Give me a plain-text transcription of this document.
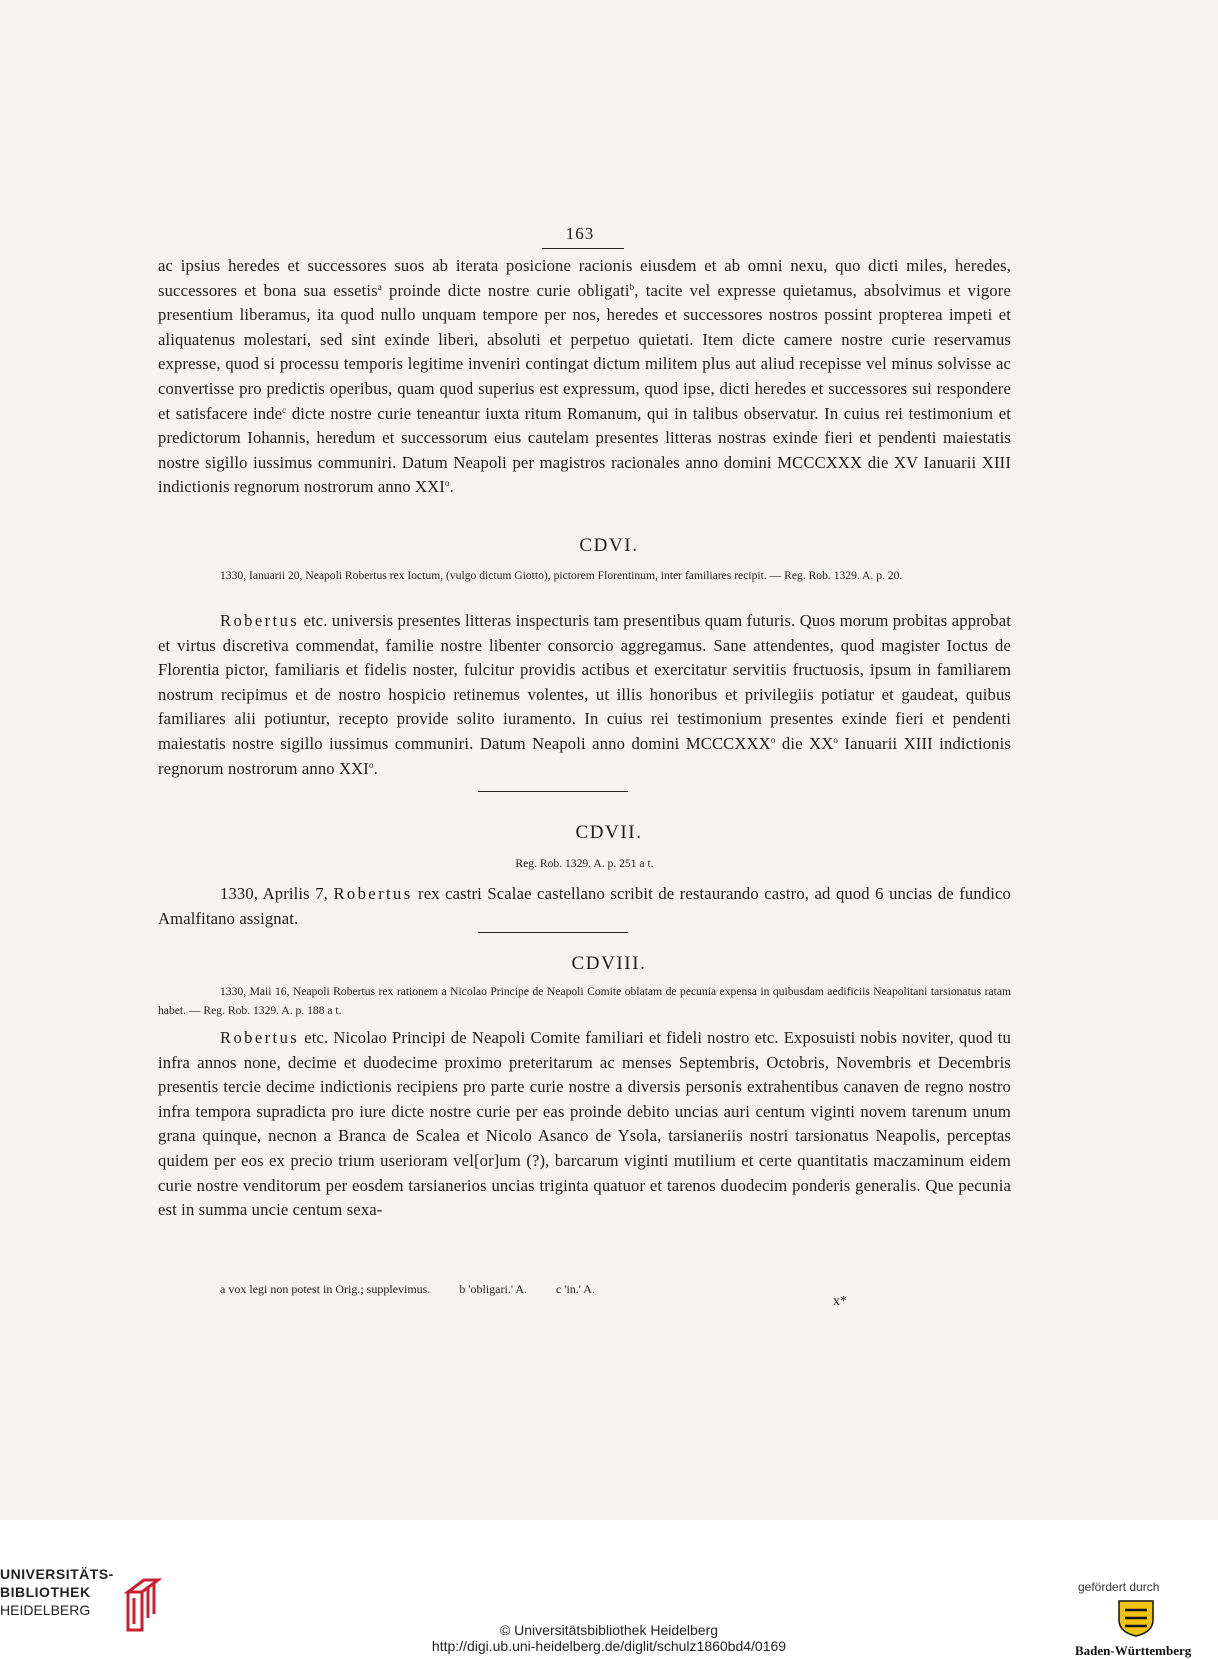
163

ac ipsius heredes et successores suos ab iterata posicione racionis eiusdem et ab omni nexu, quo dicti miles, heredes, successores et bona sua essetis$^a$ proinde dicte nostre curie obligati$^b$, tacite vel expresse quietamus, absolvimus et vigore presentium liberamus, ita quod nullo unquam tempore per nos, heredes et successores nostros possint propterea impeti et aliquatenus molestari, sed sint exinde liberi, absoluti et perpetuo quietati. Item dicte camere nostre curie reservamus expresse, quod si processu temporis legitime inveniri contingat dictum militem plus aut aliud recepisse vel minus solvisse ac convertisse pro predictis operibus, quam quod superius est expressum, quod ipse, dicti heredes et successores sui respondere et satisfacere inde$^c$ dicte nostre curie teneantur iuxta ritum Romanum, qui in talibus observatur. In cuius rei testimonium et predictorum Iohannis, heredum et successorum eius cautelam presentes litteras nostras exinde fieri et pendenti maiestatis nostre sigillo iussimus communiri. Datum Neapoli per magistros racionales anno domini MCCCXXX die XV Ianuarii XIII indictionis regnorum nostrorum anno XXI$^o$.

CDVI.
1330, Ianuarii 20, Neapoli Robertus rex Ioctum, (vulgo dictum Giotto), pictorem Florentinum, inter familiares recipit. — Reg. Rob. 1329. A. p. 20.

Robertus etc. universis presentes litteras inspecturis tam presentibus quam futuris. Quos morum probitas approbat et virtus discretiva commendat, familie nostre libenter consorcio aggregamus. Sane attendentes, quod magister Ioctus de Florentia pictor, familiaris et fidelis noster, fulcitur providis actibus et exercitatur servitiis fructuosis, ipsum in familiarem nostrum recipimus et de nostro hospicio retinemus volentes, ut illis honoribus et privilegiis potiatur et gaudeat, quibus familiares alii potiuntur, recepto provide solito iuramento. In cuius rei testimonium presentes exinde fieri et pendenti maiestatis nostre sigillo iussimus communiri. Datum Neapoli anno domini MCCCXXX$^o$ die $XX^o$ Ianuarii XIII indictionis regnorum nostrorum anno XXI$^o$.

CDVII.
Reg. Rob. 1329. A. p. 251 a t.

1330, Aprilis 7, Robertus rex castri Scalae castellano scribit de restaurando castro, ad quod 6 uncias de fundico Amalfitano assignat.

CDVIII.
1330, Maii 16, Neapoli Robertus rex rationem a Nicolao Principe de Neapoli Comite oblatam de pecunia expensa in quibusdam aedificiis Neapolitani tarsionatus ratam habet. — Reg. Rob. 1329. A. p. 188 a t.

Robertus etc. Nicolao Principi de Neapoli Comite familiari et fideli nostro etc. Exposuisti nobis noviter, quod tu infra annos none, decime et duodecime proximo preteritarum ac menses Septembris, Octobris, Novembris et Decembris presentis tercie decime indictionis recipiens pro parte curie nostre a diversis personis extrahentibus canaven de regno nostro infra tempora supradicta pro iure dicte nostre curie per eas proinde debito uncias auri centum viginti novem tarenum unum grana quinque, necnon a Branca de Scalea et Nicolo Asanco de Ysola, tarsianeriis nostri tarsionatus Neapolis, perceptas quidem per eos ex precio trium userioram vel[or]um (?), barcarum viginti mutilium et certe quantitatis maczaminum eidem curie nostre venditorum per eosdem tarsianerios uncias triginta quatuor et tarenos duodecim ponderis generalis. Que pecunia est in summa uncie centum sexa-

a vox legi non potest in Orig.; supplevimus. b 'obligari.' A. c 'in.' A.
x*
UNIVERSITÄTS-
BIBLIOTHEK
HEIDELBERG
© Universitätsbibliothek Heidelberg
http://digi.ub.uni-heidelberg.de/diglit/schulz1860bd4/0169
gefördert durch
Baden-Württemberg
